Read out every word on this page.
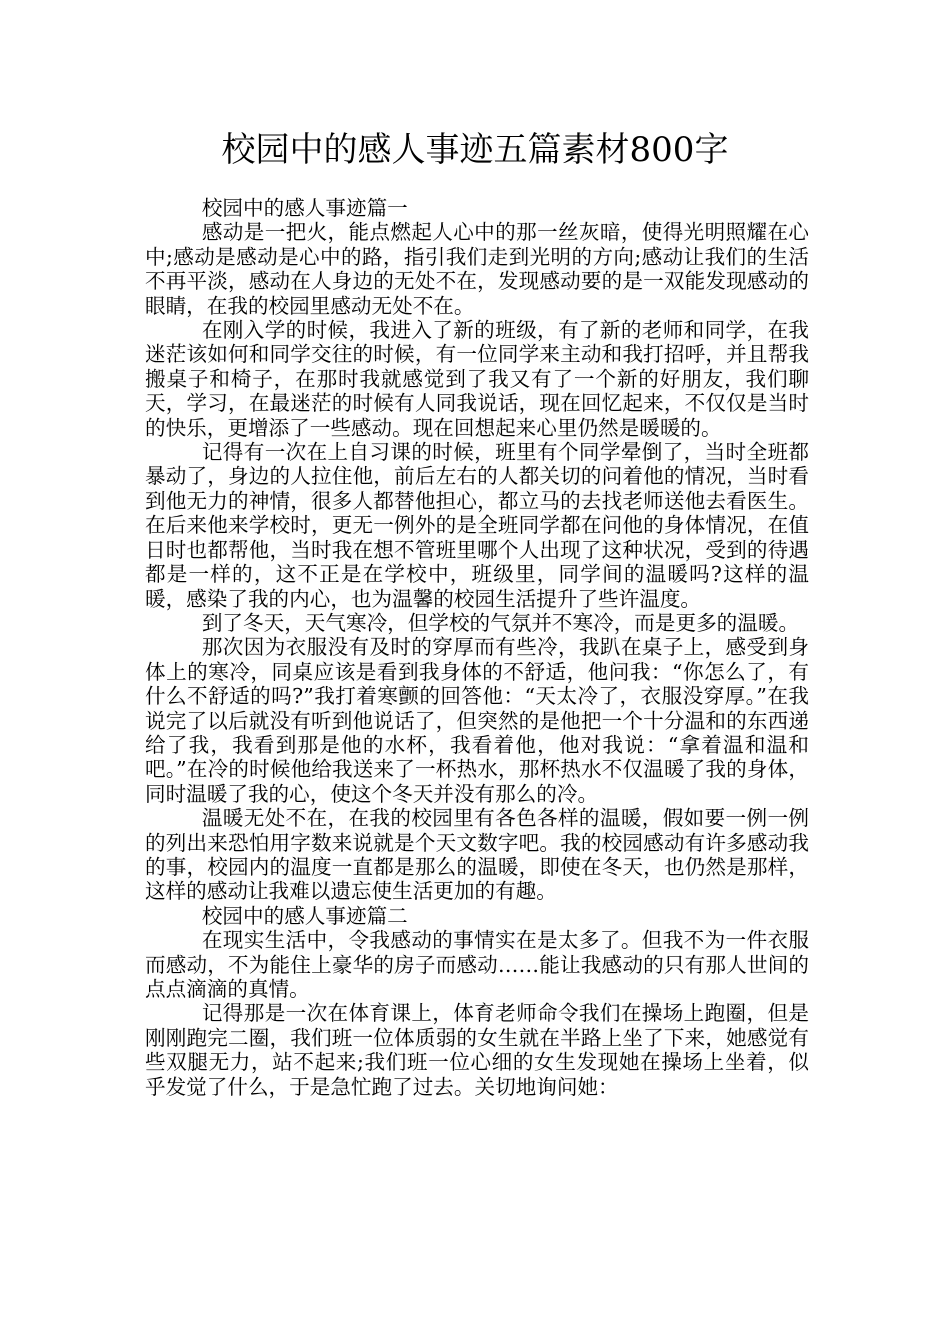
校园中的感人事迹五篇素材800字

校园中的感人事迹篇一

感动是一把火，能点燃起人心中的那一丝灰暗，使得光明照耀在心中;感动是感动是心中的路，指引我们走到光明的方向;感动让我们的生活不再平淡，感动在人身边的无处不在，发现感动要的是一双能发现感动的眼睛，在我的校园里感动无处不在。

在刚入学的时候，我进入了新的班级，有了新的老师和同学，在我迷茫该如何和同学交往的时候，有一位同学来主动和我打招呼，并且帮我搬桌子和椅子，在那时我就感觉到了我又有了一个新的好朋友，我们聊天，学习，在最迷茫的时候有人同我说话，现在回忆起来，不仅仅是当时的快乐，更增添了一些感动。现在回想起来心里仍然是暖暖的。

记得有一次在上自习课的时候，班里有个同学晕倒了，当时全班都暴动了，身边的人拉住他，前后左右的人都关切的问着他的情况，当时看到他无力的神情，很多人都替他担心，都立马的去找老师送他去看医生。在后来他来学校时，更无一例外的是全班同学都在问他的身体情况，在值日时也都帮他，当时我在想不管班里哪个人出现了这种状况，受到的待遇都是一样的，这不正是在学校中，班级里，同学间的温暖吗?这样的温暖，感染了我的内心，也为温馨的校园生活提升了些许温度。

到了冬天，天气寒冷，但学校的气氛并不寒冷，而是更多的温暖。

那次因为衣服没有及时的穿厚而有些冷，我趴在桌子上，感受到身体上的寒冷，同桌应该是看到我身体的不舒适，他问我：“你怎么了，有什么不舒适的吗?”我打着寒颤的回答他：“天太冷了，衣服没穿厚。”在我说完了以后就没有听到他说话了，但突然的是他把一个十分温和的东西递给了我，我看到那是他的水杯，我看着他，他对我说：“拿着温和温和吧。”在冷的时候他给我送来了一杯热水，那杯热水不仅温暖了我的身体，同时温暖了我的心，使这个冬天并没有那么的冷。

温暖无处不在，在我的校园里有各色各样的温暖，假如要一例一例的列出来恐怕用字数来说就是个天文数字吧。我的校园感动有许多感动我的事，校园内的温度一直都是那么的温暖，即使在冬天，也仍然是那样，这样的感动让我难以遗忘使生活更加的有趣。

校园中的感人事迹篇二

在现实生活中，令我感动的事情实在是太多了。但我不为一件衣服而感动，不为能住上豪华的房子而感动……能让我感动的只有那人世间的点点滴滴的真情。

记得那是一次在体育课上，体育老师命令我们在操场上跑圈，但是刚刚跑完二圈，我们班一位体质弱的女生就在半路上坐了下来，她感觉有些双腿无力，站不起来;我们班一位心细的女生发现她在操场上坐着，似乎发觉了什么，于是急忙跑了过去。关切地询问她：
